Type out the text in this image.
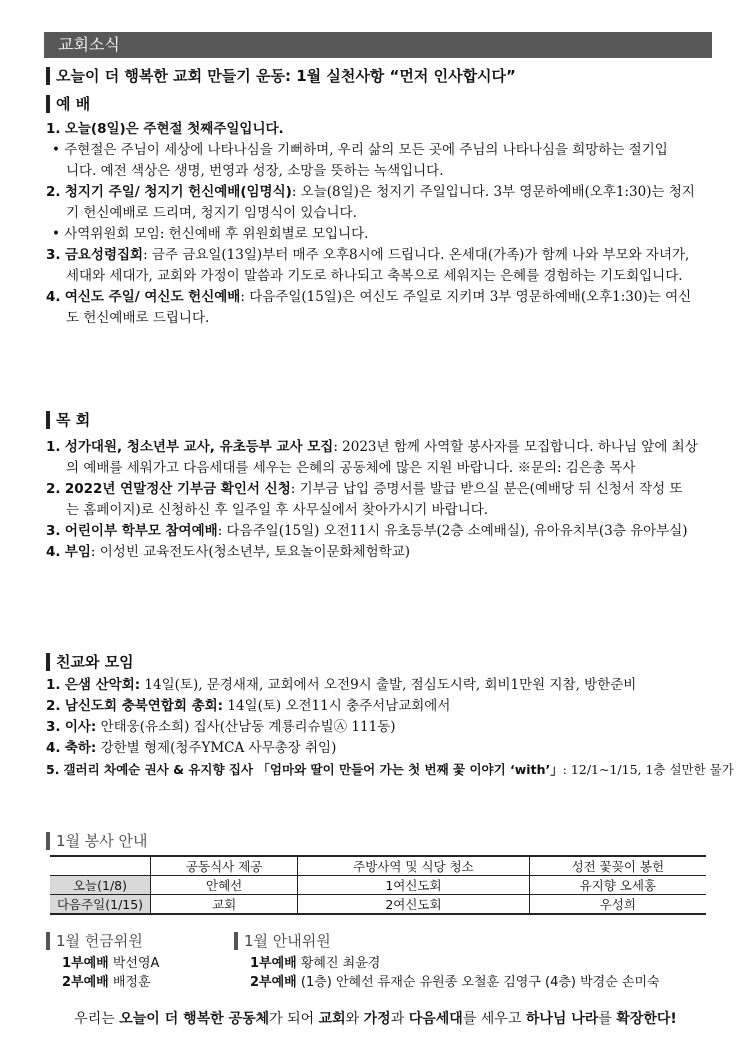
교회소식
오늘이 더 행복한 교회 만들기 운동: 1월 실천사항 “먼저 인사합시다”
예 배

1. 오늘(8일)은 주현절 첫째주일입니다.

• 주현절은 주님이 세상에 나타나심을 기뻐하며, 우리 삶의 모든 곳에 주님의 나타나심을 희망하는 절기입
니다. 예전 색상은 생명, 번영과 성장, 소망을 뜻하는 녹색입니다.

2. 청지기 주일/ 청지기 헌신예배(임명식): 오늘(8일)은 청지기 주일입니다. 3부 영문하예배(오후1:30)는 청지

기 헌신예배로 드리며, 청지기 임명식이 있습니다.
• 사역위원회 모임: 헌신예배 후 위원회별로 모입니다.

3. 금요성령집회: 금주 금요일(13일)부터 매주 오후8시에 드립니다. 온세대(가족)가 함께 나와 부모와 자녀가,

세대와 세대가, 교회와 가정이 말씀과 기도로 하나되고 축복으로 세워지는 은혜를 경험하는 기도회입니다.

4. 여신도 주일/ 여신도 헌신예배: 다음주일(15일)은 여신도 주일로 지키며 3부 영문하예배(오후1:30)는 여신

도 헌신예배로 드립니다.
목 회

1. 성가대원, 청소년부 교사, 유초등부 교사 모집: 2023년 함께 사역할 봉사자를 모집합니다. 하나님 앞에 최상

의 예배를 세워가고 다음세대를 세우는 은혜의 공동체에 많은 지원 바랍니다. ※문의: 김은총 목사

2. 2022년 연말정산 기부금 확인서 신청: 기부금 납입 증명서를 발급 받으실 분은(예배당 뒤 신청서 작성 또

는 홈페이지)로 신청하신 후 일주일 후 사무실에서 찾아가시기 바랍니다.

3. 어린이부 학부모 참여예배: 다음주일(15일) 오전11시 유초등부(2층 소예배실), 유아유치부(3층 유아부실)

4. 부임: 이성빈 교육전도사(청소년부, 토요놀이문화체험학교)

친교와 모임

1. 은샘 산악회: 14일(토), 문경새재, 교회에서 오전9시 출발, 점심도시락, 회비1만원 지참, 방한준비

2. 남신도회 충북연합회 총회: 14일(토) 오전11시 충주서남교회에서

3. 이사: 안태웅(유소희) 집사(산남동 계룡리슈빌Ⓐ 111동)

4. 축하: 강한별 형제(청주YMCA 사무총장 취임)

5. 갤러리 차예순 권사 & 유지향 집사 「엄마와 딸이 만들어 가는 첫 번째 꽃 이야기 ‘with’」: 12/1~1/15, 1층 설만한 물가

1월 봉사 안내
	공동식사 제공	주방사역 및 식당 청소	성전 꽃꽂이 봉헌
오늘(1/8)	안혜선	1여신도회	유지향 오세홍
다음주일(1/15)	교회	2여신도회	우성희
1월 헌금위원
1부예배 박선영A
2부예배 배정훈
1월 안내위원
1부예배 황혜진 최윤경
2부예배 (1층) 안혜선 류재순 유원종 오철훈 김영구 (4층) 박경순 손미숙
우리는 오늘이 더 행복한 공동체가 되어 교회와 가정과 다음세대를 세우고 하나님 나라를 확장한다!
